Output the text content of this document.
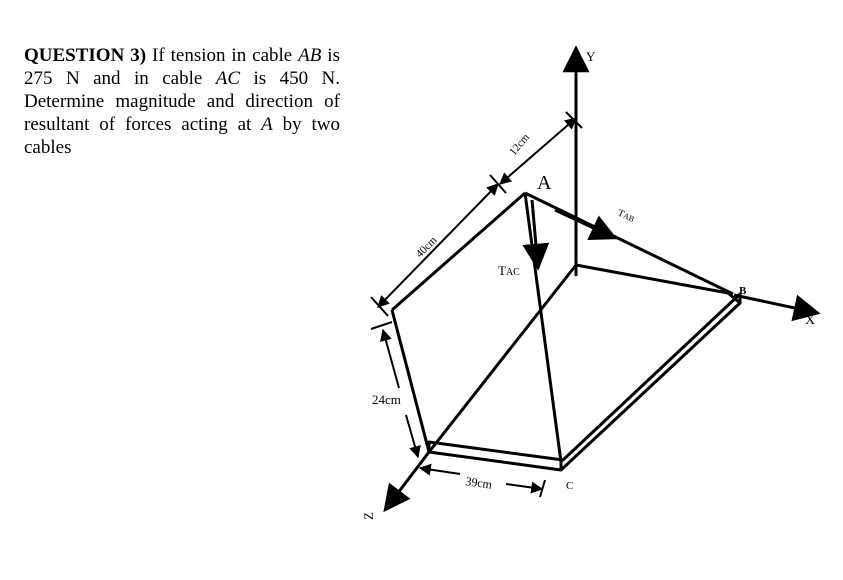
QUESTION 3) If tension in cable AB is 275 N and in cable AC is 450 N. Determine magnitude and direction of resultant of forces acting at A by two cables
Y
X
Z
A
B
C
TAC
TAB
40cm
12cm
24cm
39cm
